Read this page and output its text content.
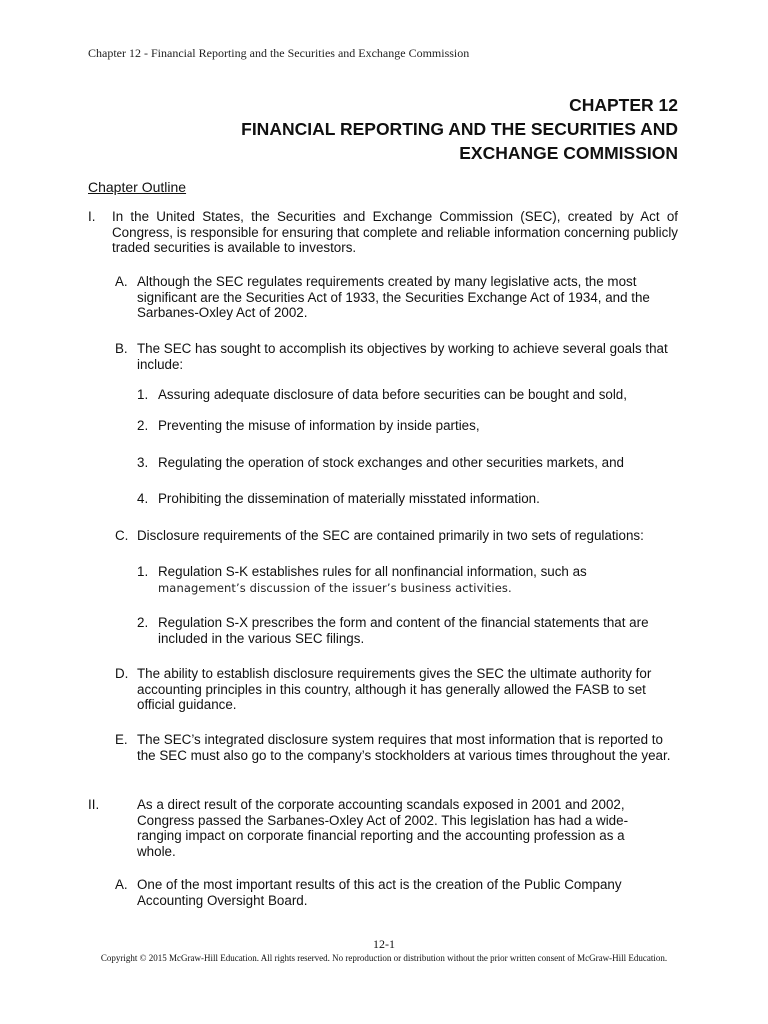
Chapter 12 - Financial Reporting and the Securities and Exchange Commission
CHAPTER 12
FINANCIAL REPORTING AND THE SECURITIES AND
EXCHANGE COMMISSION
Chapter Outline
I.	In the United States, the Securities and Exchange Commission (SEC), created by Act of Congress, is responsible for ensuring that complete and reliable information concerning publicly traded securities is available to investors.
A. Although the SEC regulates requirements created by many legislative acts, the most significant are the Securities Act of 1933, the Securities Exchange Act of 1934, and the Sarbanes-Oxley Act of 2002.
B. The SEC has sought to accomplish its objectives by working to achieve several goals that include:
1. Assuring adequate disclosure of data before securities can be bought and sold,
2. Preventing the misuse of information by inside parties,
3. Regulating the operation of stock exchanges and other securities markets, and
4. Prohibiting the dissemination of materially misstated information.
C. Disclosure requirements of the SEC are contained primarily in two sets of regulations:
1. Regulation S-K establishes rules for all nonfinancial information, such as
management’s discussion of the issuer’s business activities.
2. Regulation S-X prescribes the form and content of the financial statements that are included in the various SEC filings.
D. The ability to establish disclosure requirements gives the SEC the ultimate authority for accounting principles in this country, although it has generally allowed the FASB to set official guidance.
E. The SEC’s integrated disclosure system requires that most information that is reported to the SEC must also go to the company’s stockholders at various times throughout the year.
II.	As a direct result of the corporate accounting scandals exposed in 2001 and 2002, Congress passed the Sarbanes-Oxley Act of 2002. This legislation has had a wide-ranging impact on corporate financial reporting and the accounting profession as a whole.
A. One of the most important results of this act is the creation of the Public Company Accounting Oversight Board.
12-1
Copyright © 2015 McGraw-Hill Education. All rights reserved. No reproduction or distribution without the prior written consent of McGraw-Hill Education.
